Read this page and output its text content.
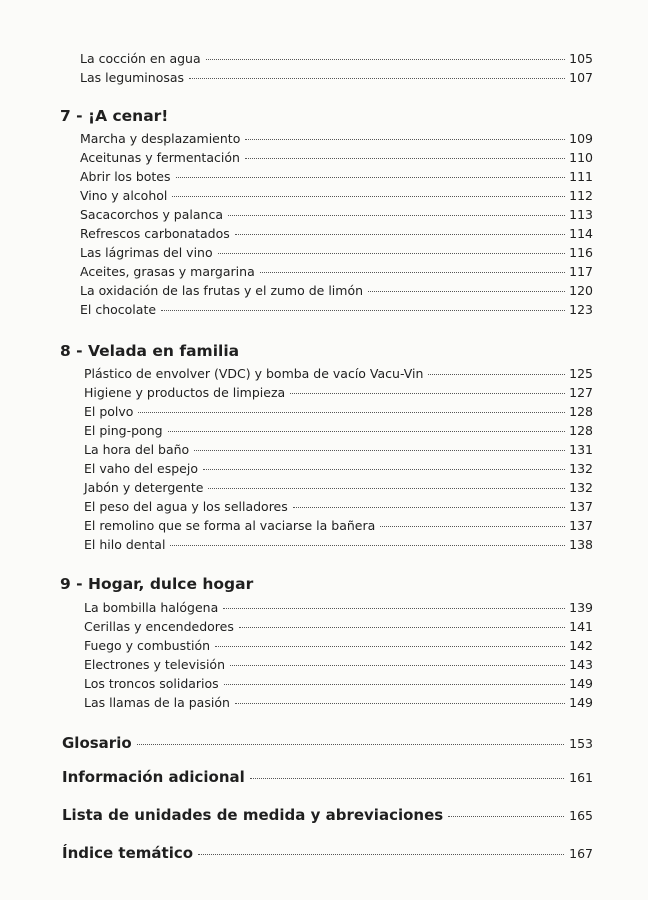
La cocción en agua	105
Las leguminosas	107
7 - ¡A cenar!
Marcha y desplazamiento	109
Aceitunas y fermentación	110
Abrir los botes	111
Vino y alcohol	112
Sacacorchos y palanca	113
Refrescos carbonatados	114
Las lágrimas del vino	116
Aceites, grasas y margarina	117
La oxidación de las frutas y el zumo de limón	120
El chocolate	123
8 - Velada en familia
Plástico de envolver (VDC) y bomba de vacío Vacu-Vin	125
Higiene y productos de limpieza	127
El polvo	128
El ping-pong	128
La hora del baño	131
El vaho del espejo	132
Jabón y detergente	132
El peso del agua y los selladores	137
El remolino que se forma al vaciarse la bañera	137
El hilo dental	138
9 - Hogar, dulce hogar
La bombilla halógena	139
Cerillas y encendedores	141
Fuego y combustión	142
Electrones y televisión	143
Los troncos solidarios	149
Las llamas de la pasión	149
Glosario	153
Información adicional	161
Lista de unidades de medida y abreviaciones	165
Índice temático	167
